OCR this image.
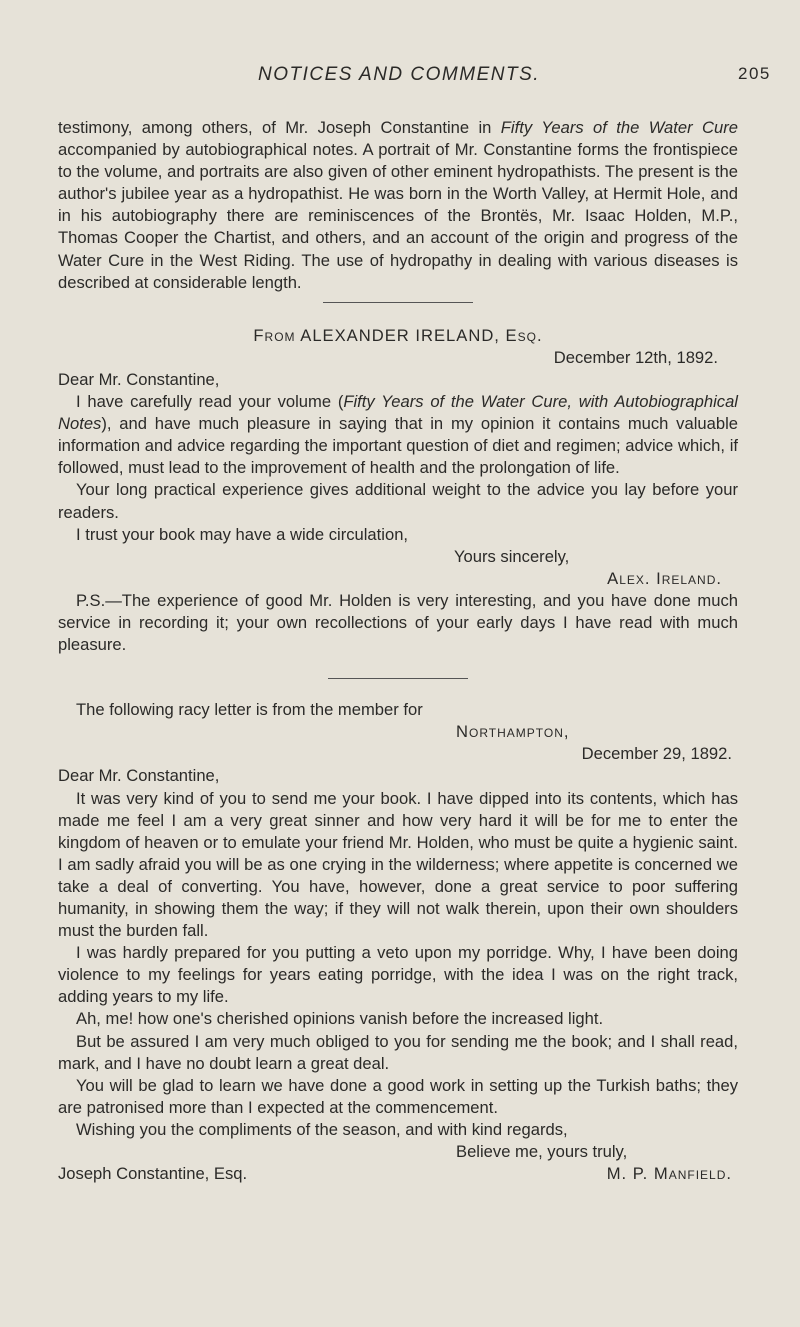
NOTICES AND COMMENTS.	205

testimony, among others, of Mr. Joseph Constantine in Fifty Years of the Water Cure accompanied by autobiographical notes. A portrait of Mr. Constantine forms the frontispiece to the volume, and portraits are also given of other eminent hydropathists. The present is the author's jubilee year as a hydropathist. He was born in the Worth Valley, at Hermit Hole, and in his autobiography there are reminiscences of the Brontës, Mr. Isaac Holden, M.P., Thomas Cooper the Chartist, and others, and an account of the origin and progress of the Water Cure in the West Riding. The use of hydropathy in dealing with various diseases is described at considerable length.

From ALEXANDER IRELAND, Esq.
December 12th, 1892.

Dear Mr. Constantine,

I have carefully read your volume (Fifty Years of the Water Cure, with Autobiographical Notes), and have much pleasure in saying that in my opinion it contains much valuable information and advice regarding the important question of diet and regimen; advice which, if followed, must lead to the improvement of health and the prolongation of life.

Your long practical experience gives additional weight to the advice you lay before your readers.

I trust your book may have a wide circulation,

Yours sincerely,
Alex. Ireland.

P.S.—The experience of good Mr. Holden is very interesting, and you have done much service in recording it; your own recollections of your early days I have read with much pleasure.

The following racy letter is from the member for

Northampton,
December 29, 1892.

Dear Mr. Constantine,

It was very kind of you to send me your book. I have dipped into its contents, which has made me feel I am a very great sinner and how very hard it will be for me to enter the kingdom of heaven or to emulate your friend Mr. Holden, who must be quite a hygienic saint. I am sadly afraid you will be as one crying in the wilderness; where appetite is concerned we take a deal of converting. You have, however, done a great service to poor suffering humanity, in showing them the way; if they will not walk therein, upon their own shoulders must the burden fall.

I was hardly prepared for you putting a veto upon my porridge. Why, I have been doing violence to my feelings for years eating porridge, with the idea I was on the right track, adding years to my life.

Ah, me! how one's cherished opinions vanish before the increased light.

But be assured I am very much obliged to you for sending me the book; and I shall read, mark, and I have no doubt learn a great deal.

You will be glad to learn we have done a good work in setting up the Turkish baths; they are patronised more than I expected at the commencement.

Wishing you the compliments of the season, and with kind regards,

Believe me, yours truly,
Joseph Constantine, Esq.	M. P. Manfield.
